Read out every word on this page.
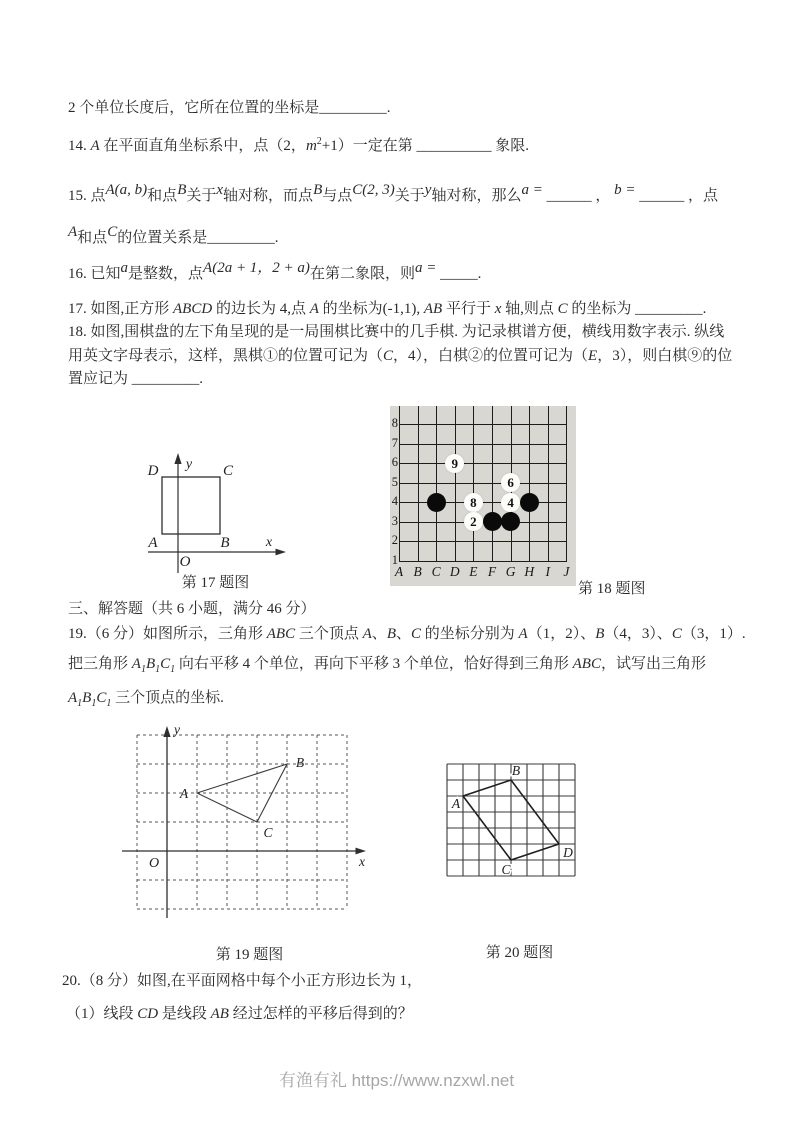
2 个单位长度后，它所在位置的坐标是_________.
14. A 在平面直角坐标系中，点（2，$m^2+1$）一定在第 __________ 象限.
15. 点A(a, b)和点B关于x轴对称，而点B与点C(2, 3)关于y轴对称，那么a = ______ ， b = ______ ，点
A和点C的位置关系是_________.
16. 已知a是整数，点A(2a + 1，2 + a)在第二象限，则a = _____.
17. 如图,正方形 ABCD 的边长为 4,点 A 的坐标为(-1,1), AB 平行于 x 轴,则点 C 的坐标为 _________.
18. 如图,围棋盘的左下角呈现的是一局围棋比赛中的几手棋. 为记录棋谱方便，横线用数字表示. 纵线用英文字母表示，这样，黑棋①的位置可记为（C，4），白棋②的位置可记为（E，3），则白棋⑨的位置应记为 _________.
D	C
y
A	B	x
O
第 17 题图
A B C D E F G H I J
8
7
6
5
4
3
2
1
9
6
8 4
2
第 18 题图
三、解答题（共 6 小题，满分 46 分）
19.（6 分）如图所示，三角形 ABC 三个顶点 A、B、C 的坐标分别为 A（1，2）、B（4，3）、C（3，1）.
把三角形 $A_1B_1C_1$ 向右平移 4 个单位，再向下平移 3 个单位，恰好得到三角形 ABC，试写出三角形 $A_1B_1C_1$ 三个顶点的坐标.
y
x
O
A
B
C
A
B
C
D
第 19 题图	第 20 题图
20.（8 分）如图,在平面网格中每个小正方形边长为 1，
（1）线段 CD 是线段 AB 经过怎样的平移后得到的？
有渔有礼 https://www.nzxwl.net
